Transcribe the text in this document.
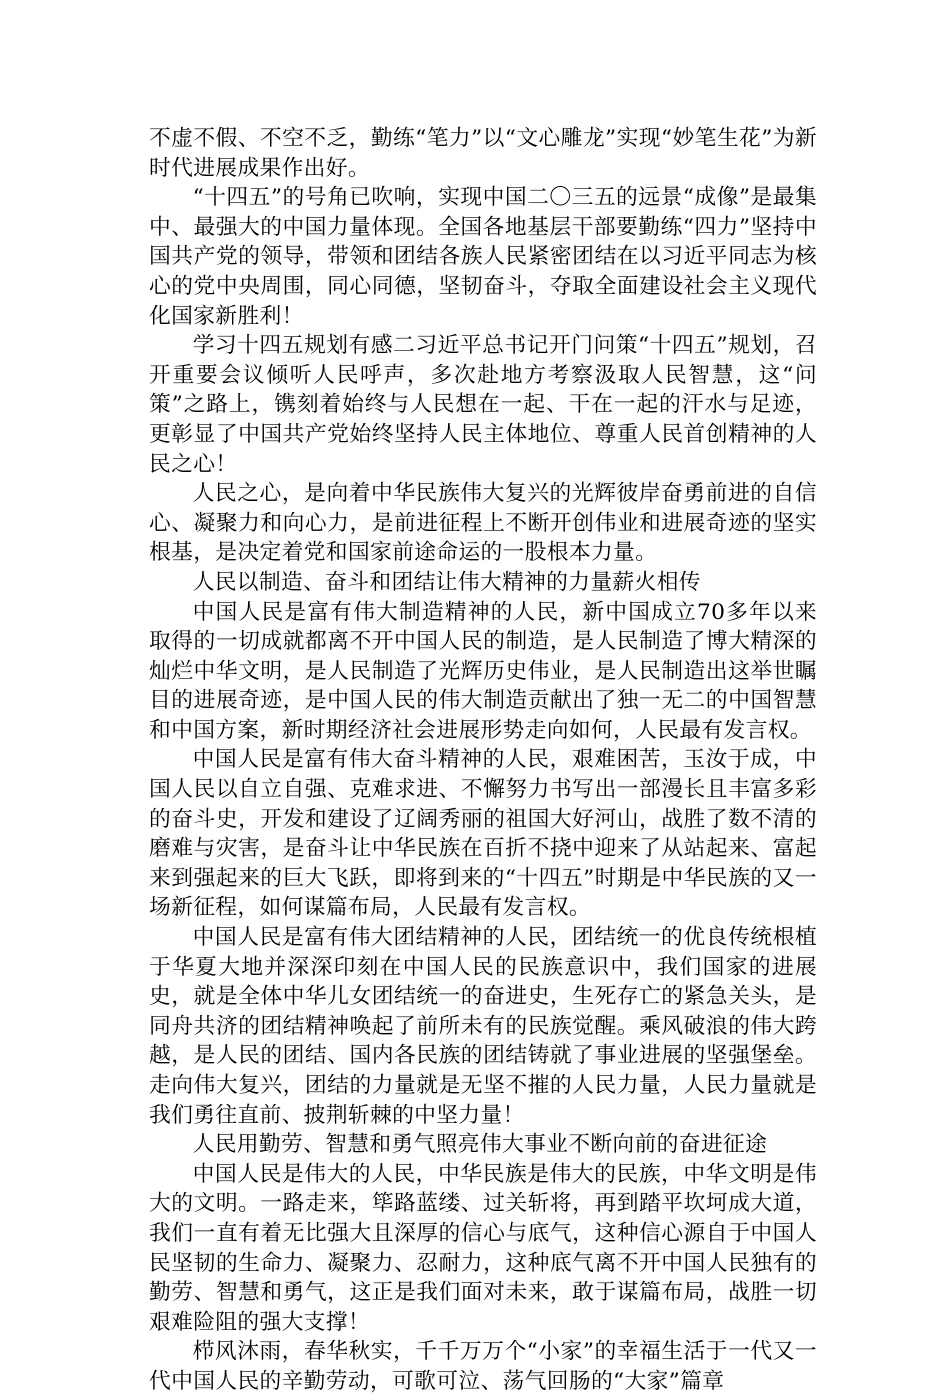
不虚不假、不空不乏，勤练“笔力”以“文心雕龙”实现“妙笔生花”为新时代进展成果作出好。

“十四五”的号角已吹响，实现中国二〇三五的远景“成像”是最集中、最强大的中国力量体现。全国各地基层干部要勤练“四力”坚持中国共产党的领导，带领和团结各族人民紧密团结在以习近平同志为核心的党中央周围，同心同德，坚韧奋斗，夺取全面建设社会主义现代化国家新胜利！

学习十四五规划有感二习近平总书记开门问策“十四五”规划，召开重要会议倾听人民呼声，多次赴地方考察汲取人民智慧，这“问策”之路上，镌刻着始终与人民想在一起、干在一起的汗水与足迹，更彰显了中国共产党始终坚持人民主体地位、尊重人民首创精神的人民之心！

人民之心，是向着中华民族伟大复兴的光辉彼岸奋勇前进的自信心、凝聚力和向心力，是前进征程上不断开创伟业和进展奇迹的坚实根基，是决定着党和国家前途命运的一股根本力量。

人民以制造、奋斗和团结让伟大精神的力量薪火相传

中国人民是富有伟大制造精神的人民，新中国成立70多年以来取得的一切成就都离不开中国人民的制造，是人民制造了博大精深的灿烂中华文明，是人民制造了光辉历史伟业，是人民制造出这举世瞩目的进展奇迹，是中国人民的伟大制造贡献出了独一无二的中国智慧和中国方案，新时期经济社会进展形势走向如何，人民最有发言权。

中国人民是富有伟大奋斗精神的人民，艰难困苦，玉汝于成，中国人民以自立自强、克难求进、不懈努力书写出一部漫长且丰富多彩的奋斗史，开发和建设了辽阔秀丽的祖国大好河山，战胜了数不清的磨难与灾害，是奋斗让中华民族在百折不挠中迎来了从站起来、富起来到强起来的巨大飞跃，即将到来的“十四五”时期是中华民族的又一场新征程，如何谋篇布局，人民最有发言权。

中国人民是富有伟大团结精神的人民，团结统一的优良传统根植于华夏大地并深深印刻在中国人民的民族意识中，我们国家的进展史，就是全体中华儿女团结统一的奋进史，生死存亡的紧急关头，是同舟共济的团结精神唤起了前所未有的民族觉醒。乘风破浪的伟大跨越，是人民的团结、国内各民族的团结铸就了事业进展的坚强堡垒。走向伟大复兴，团结的力量就是无坚不摧的人民力量，人民力量就是我们勇往直前、披荆斩棘的中坚力量！

人民用勤劳、智慧和勇气照亮伟大事业不断向前的奋进征途

中国人民是伟大的人民，中华民族是伟大的民族，中华文明是伟大的文明。一路走来，筚路蓝缕、过关斩将，再到踏平坎坷成大道，我们一直有着无比强大且深厚的信心与底气，这种信心源自于中国人民坚韧的生命力、凝聚力、忍耐力，这种底气离不开中国人民独有的勤劳、智慧和勇气，这正是我们面对未来，敢于谋篇布局，战胜一切艰难险阻的强大支撑！

栉风沐雨，春华秋实，千千万万个“小家”的幸福生活于一代又一代中国人民的辛勤劳动，可歌可泣、荡气回肠的“大家”篇章
